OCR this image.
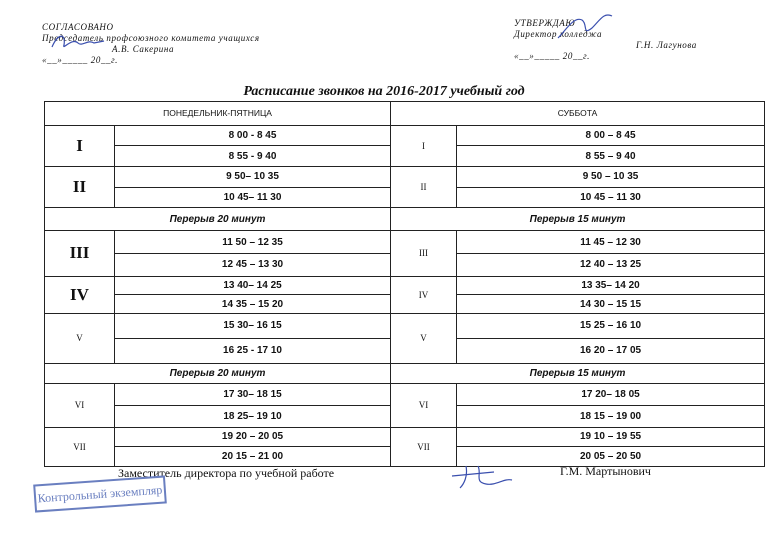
СОГЛАСОВАНО
Председатель профсоюзного комитета учащихся
А.В. Сакерина
«__»_____ 20__г.
УТВЕРЖДАЮ
Директор колледжа
Г.Н. Лагунова
«__»_____ 20__г.
Расписание звонков на 2016-2017 учебный год
ПОНЕДЕЛЬНИК-ПЯТНИЦА		СУББОТА	
I	8 00 - 8 45	I	8 00 – 8 45
	8 55 - 9 40		8 55 – 9 40
II	9 50– 10 35	II	9 50 – 10 35
	10 45– 11 30		10 45 – 11 30
Перерыв 20 минут		Перерыв 15 минут	
III	11 50 – 12 35	III	11 45 – 12 30
	12 45 – 13 30		12 40 – 13 25
IV	13 40– 14 25	IV	13 35– 14 20
	14 35 – 15 20		14 30 – 15 15
V	15 30– 16 15	V	15 25 – 16 10
	16 25 - 17 10		16 20 – 17 05
Перерыв 20 минут		Перерыв 15 минут	
VI	17 30– 18 15	VI	17 20– 18 05
	18 25– 19 10		18 15 – 19 00
VII	19 20 – 20 05	VII	19 10 – 19 55
	20 15 – 21 00		20 05 – 20 50
Заместитель директора по учебной работе	Г.М. Мартынович
Контрольный экземпляр
